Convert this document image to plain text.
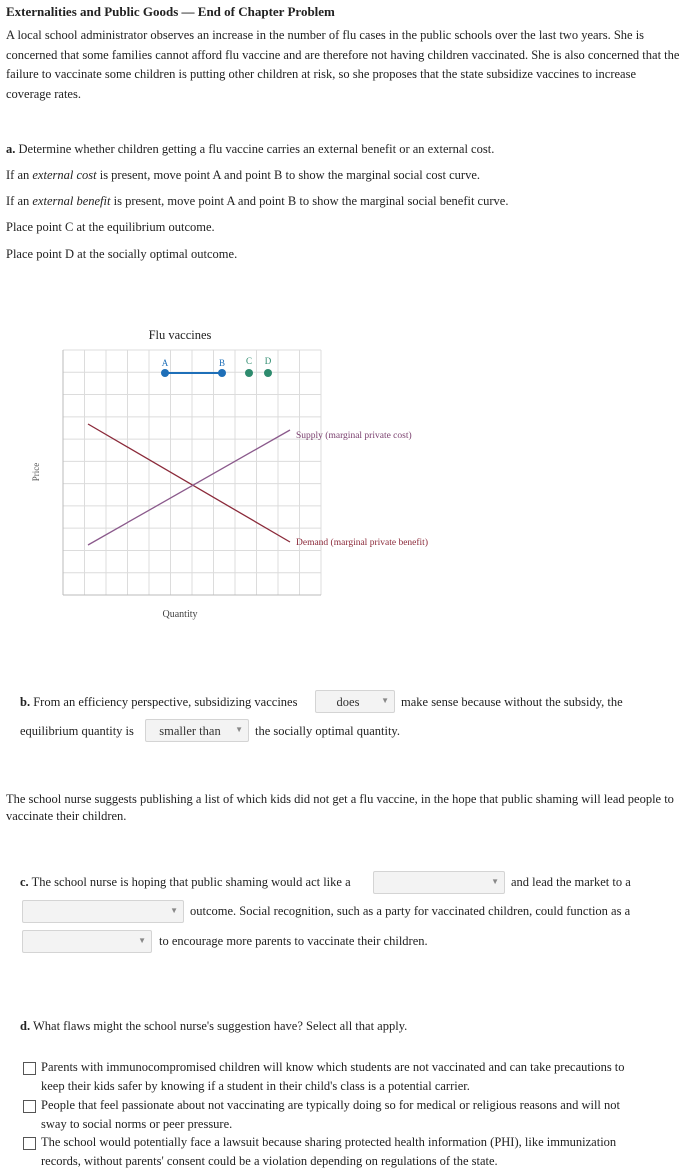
Externalities and Public Goods — End of Chapter Problem
A local school administrator observes an increase in the number of flu cases in the public schools over the last two years. She is concerned that some families cannot afford flu vaccine and are therefore not having children vaccinated. She is also concerned that the failure to vaccinate some children is putting other children at risk, so she proposes that the state subsidize vaccines to increase coverage rates.
a. Determine whether children getting a flu vaccine carries an external benefit or an external cost.
If an external cost is present, move point A and point B to show the marginal social cost curve.
If an external benefit is present, move point A and point B to show the marginal social benefit curve.
Place point C at the equilibrium outcome.
Place point D at the socially optimal outcome.
Flu vaccines
Price
Quantity
Supply (marginal private cost)
Demand (marginal private benefit)
A	B C D
b. From an efficiency perspective, subsidizing vaccines	does	▼ make sense because without the subsidy, the
equilibrium quantity is	smaller than	▼ the socially optimal quantity.
The school nurse suggests publishing a list of which kids did not get a flu vaccine, in the hope that public shaming will lead people to vaccinate their children.
c. The school nurse is hoping that public shaming would act like a	▼ and lead the market to a
▼ outcome. Social recognition, such as a party for vaccinated children, could function as a
▼ to encourage more parents to vaccinate their children.
d. What flaws might the school nurse's suggestion have? Select all that apply.
Parents with immunocompromised children will know which students are not vaccinated and can take precautions to
keep their kids safer by knowing if a student in their child's class is a potential carrier.
People that feel passionate about not vaccinating are typically doing so for medical or religious reasons and will not
sway to social norms or peer pressure.
The school would potentially face a lawsuit because sharing protected health information (PHI), like immunization
records, without parents' consent could be a violation depending on regulations of the state.
